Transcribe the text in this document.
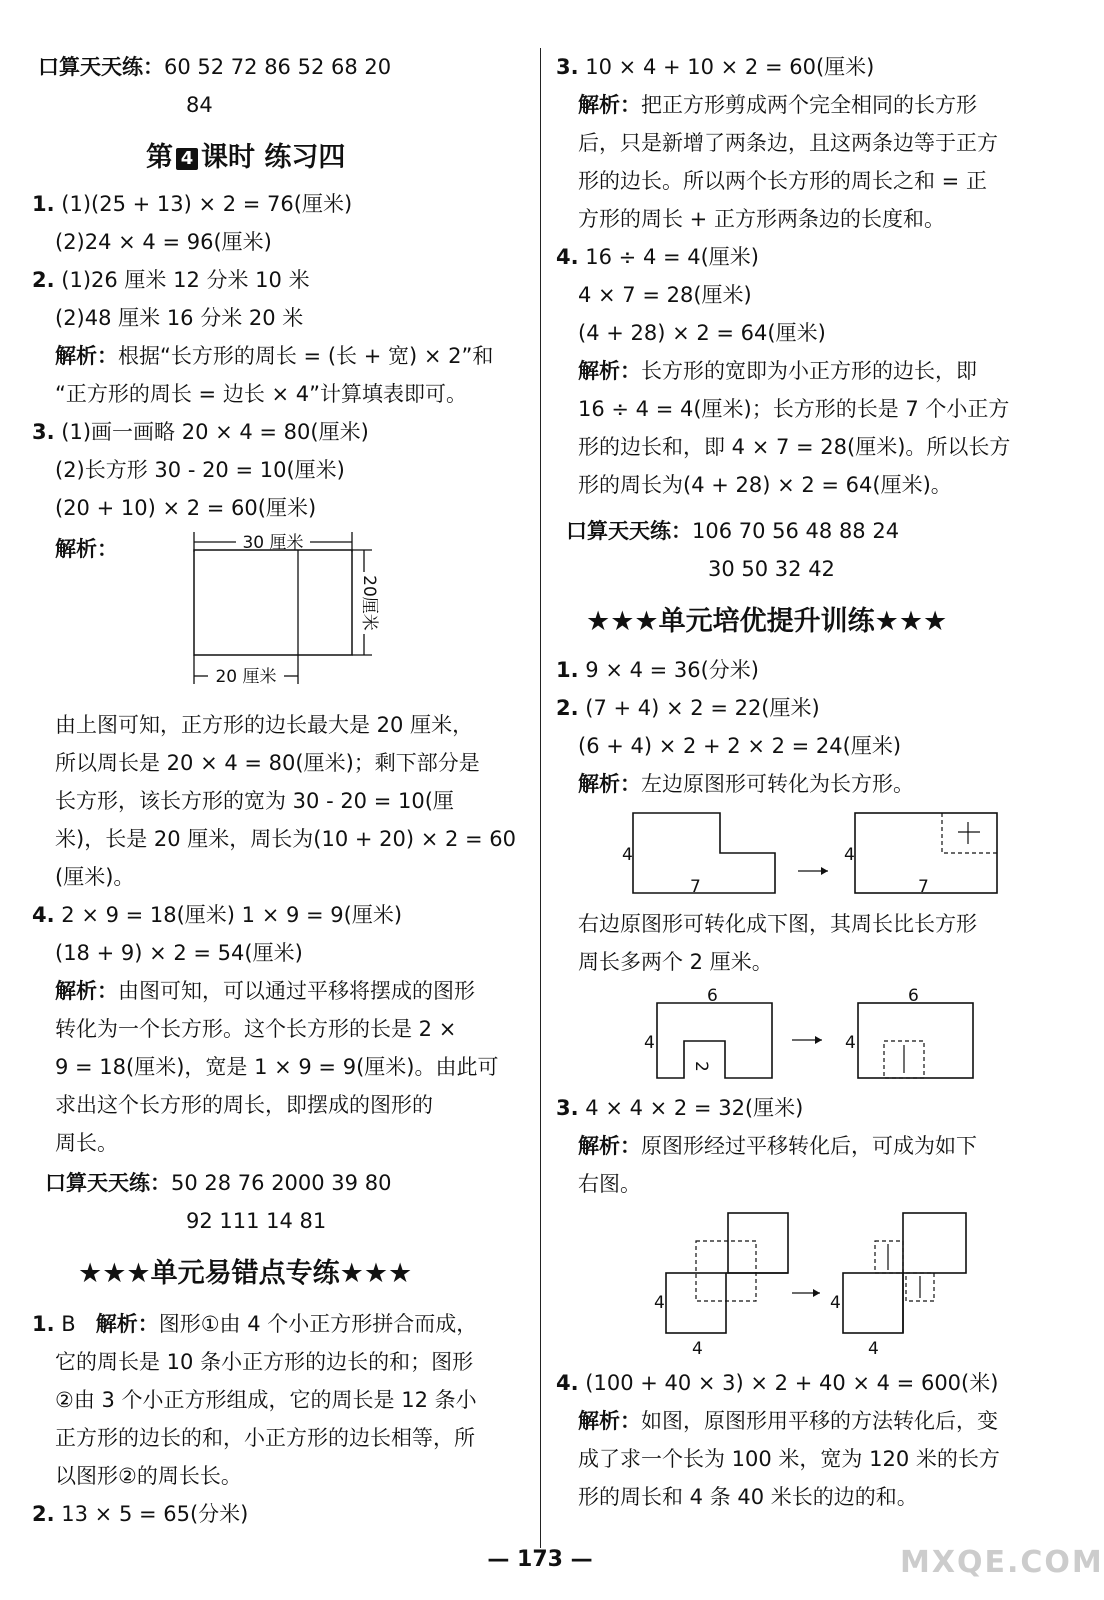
口算天天练：60 52 72 86 52 68 20
84
第 4 课时 练习四
1. (1)(25 + 13) × 2 = 76(厘米)
(2)24 × 4 = 96(厘米)
2. (1)26 厘米 12 分米 10 米
(2)48 厘米 16 分米 20 米
解析：根据“长方形的周长 = (长 + 宽) × 2”和
“正方形的周长 = 边长 × 4”计算填表即可。
3. (1)画一画略 20 × 4 = 80(厘米)
(2)长方形 30 - 20 = 10(厘米)
(20 + 10) × 2 = 60(厘米)
解析：	30 厘米
20厘米
20 厘米
由上图可知，正方形的边长最大是 20 厘米，
所以周长是 20 × 4 = 80(厘米)；剩下部分是
长方形，该长方形的宽为 30 - 20 = 10(厘
米)，长是 20 厘米，周长为(10 + 20) × 2 = 60
(厘米)。
4. 2 × 9 = 18(厘米) 1 × 9 = 9(厘米)
(18 + 9) × 2 = 54(厘米)
解析：由图可知，可以通过平移将摆成的图形
转化为一个长方形。这个长方形的长是 2 ×
9 = 18(厘米)，宽是 1 × 9 = 9(厘米)。由此可
求出这个长方形的周长，即摆成的图形的
周长。
口算天天练：50 28 76 2000 39 80
92 111 14 81
★★★单元易错点专练★★★
1. B 解析：图形①由 4 个小正方形拼合而成，
它的周长是 10 条小正方形的边长的和；图形
②由 3 个小正方形组成，它的周长是 12 条小
正方形的边长的和，小正方形的边长相等，所
以图形②的周长长。
2. 13 × 5 = 65(分米)
3. 10 × 4 + 10 × 2 = 60(厘米)
解析：把正方形剪成两个完全相同的长方形
后，只是新增了两条边，且这两条边等于正方
形的边长。所以两个长方形的周长之和 = 正
方形的周长 + 正方形两条边的长度和。
4. 16 ÷ 4 = 4(厘米)
4 × 7 = 28(厘米)
(4 + 28) × 2 = 64(厘米)
解析：长方形的宽即为小正方形的边长，即
16 ÷ 4 = 4(厘米)；长方形的长是 7 个小正方
形的边长和，即 4 × 7 = 28(厘米)。所以长方
形的周长为(4 + 28) × 2 = 64(厘米)。
口算天天练：106 70 56 48 88 24
30 50 32 42
★★★单元培优提升训练★★★
1. 9 × 4 = 36(分米)
2. (7 + 4) × 2 = 22(厘米)
(6 + 4) × 2 + 2 × 2 = 24(厘米)
解析：左边原图形可转化为长方形。
4
7
4
7
右边原图形可转化成下图，其周长比长方形
周长多两个 2 厘米。
6
4
2
6
4
3. 4 × 4 × 2 = 32(厘米)
解析：原图形经过平移转化后，可成为如下
右图。
4
4
4
4
4. (100 + 40 × 3) × 2 + 40 × 4 = 600(米)
解析：如图，原图形用平移的方法转化后，变
成了求一个长为 100 米，宽为 120 米的长方
形的周长和 4 条 40 米长的边的和。
— 173 —	MXQE.COM
